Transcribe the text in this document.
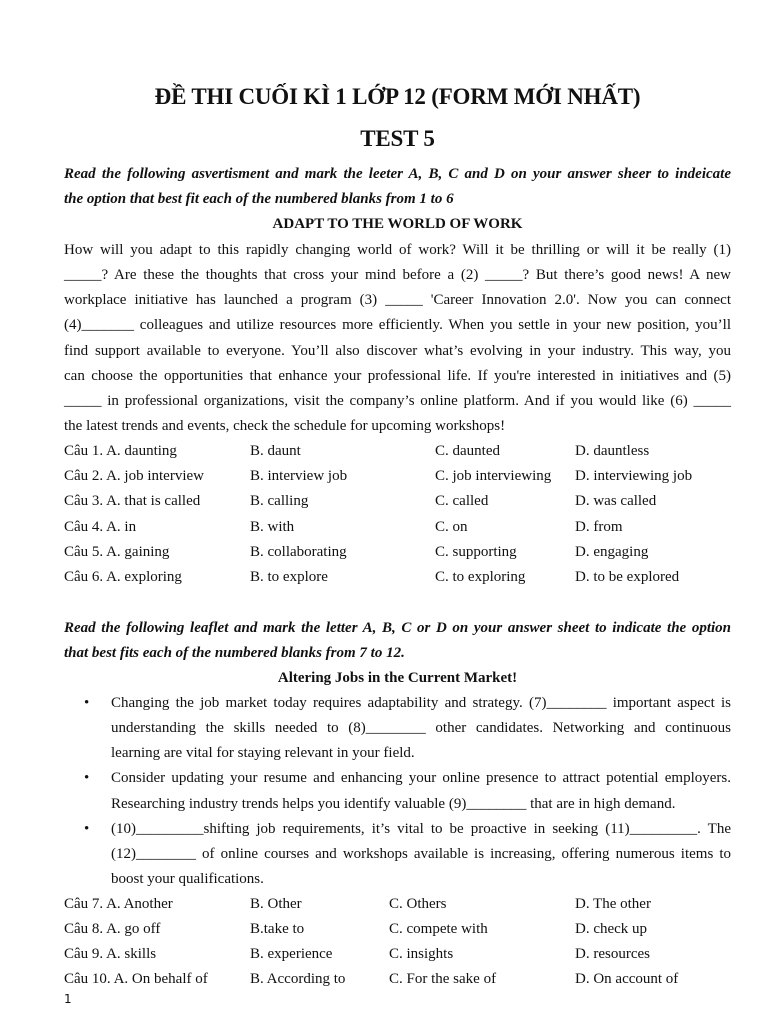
ĐỀ THI CUỐI KÌ 1 LỚP 12 (FORM MỚI NHẤT)
TEST 5
Read the following asvertisment and mark the leeter A, B, C and D on your answer sheer to indeicate
the option that best fit each of the numbered blanks from 1 to 6
ADAPT TO THE WORLD OF WORK
How will you adapt to this rapidly changing world of work? Will it be thrilling or will it be really (1)
_____? Are these the thoughts that cross your mind before a (2) _____? But there’s good news! A new
workplace initiative has launched a program (3) _____ 'Career Innovation 2.0'. Now you can connect
(4)_______ colleagues and utilize resources more efficiently. When you settle in your new position, you’ll
find support available to everyone. You’ll also discover what’s evolving in your industry. This way, you
can choose the opportunities that enhance your professional life. If you're interested in initiatives and (5)
_____ in professional organizations, visit the company’s online platform. And if you would like (6) _____
the latest trends and events, check the schedule for upcoming workshops!
Câu 1. A. daunting	B. daunt	C. daunted	D. dauntless
Câu 2. A. job interview	B. interview job	C. job interviewing D. interviewing job
Câu 3. A. that is called	B. calling	C. called	D. was called
Câu 4. A. in	B. with	C. on	D. from
Câu 5. A. gaining	B. collaborating	C. supporting	D. engaging
Câu 6. A. exploring	B. to explore	C. to exploring	D. to be explored
Read the following leaflet and mark the letter A, B, C or D on your answer sheet to indicate the option
that best fits each of the numbered blanks from 7 to 12.
Altering Jobs in the Current Market!
• Changing the job market today requires adaptability and strategy. (7)________ important aspect is
understanding the skills needed to (8)________ other candidates. Networking and continuous
learning are vital for staying relevant in your field.
• Consider updating your resume and enhancing your online presence to attract potential employers.
Researching industry trends helps you identify valuable (9)________ that are in high demand.
• (10)_________shifting job requirements, it’s vital to be proactive in seeking (11)_________. The
(12)________ of online courses and workshops available is increasing, offering numerous items to
boost your qualifications.
Câu 7. A. Another	B. Other	C. Others	D. The other
Câu 8. A. go off	B.take to	C. compete with	D. check up
Câu 9. A. skills	B. experience	C. insights	D. resources
Câu 10. A. On behalf of	B. According to	C. For the sake of	D. On account of
1
